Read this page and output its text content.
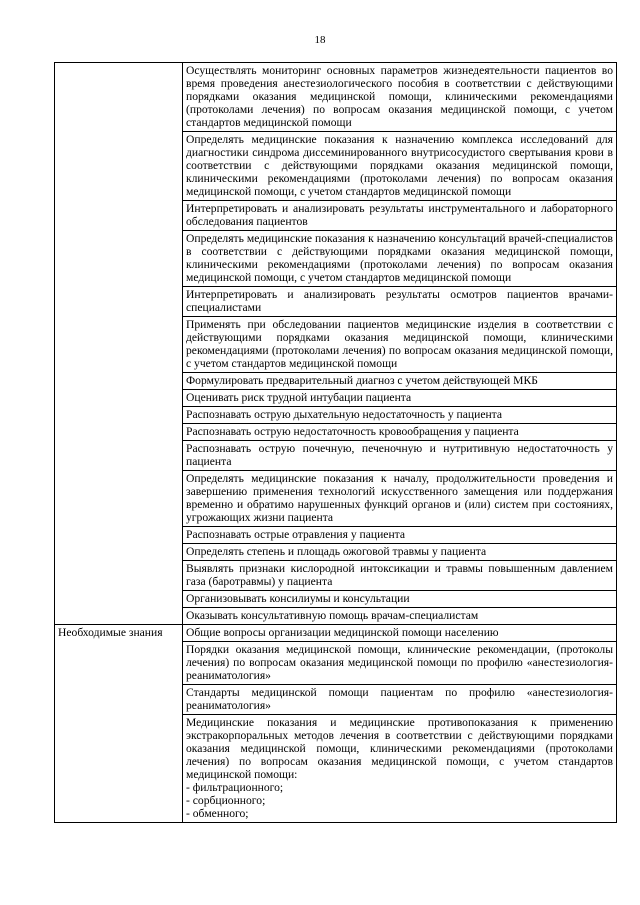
18
	Осуществлять мониторинг основных параметров жизнедеятельности пациентов во время проведения анестезиологического пособия в соответствии с действующими порядками оказания медицинской помощи, клиническими рекомендациями (протоколами лечения) по вопросам оказания медицинской помощи, с учетом стандартов медицинской помощи
	Определять медицинские показания к назначению комплекса исследований для диагностики синдрома диссеминированного внутрисосудистого свертывания крови в соответствии с действующими порядками оказания медицинской помощи, клиническими рекомендациями (протоколами лечения) по вопросам оказания медицинской помощи, с учетом стандартов медицинской помощи
	Интерпретировать и анализировать результаты инструментального и лабораторного обследования пациентов
	Определять медицинские показания к назначению консультаций врачей-специалистов в соответствии с действующими порядками оказания медицинской помощи, клиническими рекомендациями (протоколами лечения) по вопросам оказания медицинской помощи, с учетом стандартов медицинской помощи
	Интерпретировать и анализировать результаты осмотров пациентов врачами-специалистами
	Применять при обследовании пациентов медицинские изделия в соответствии с действующими порядками оказания медицинской помощи, клиническими рекомендациями (протоколами лечения) по вопросам оказания медицинской помощи, с учетом стандартов медицинской помощи
	Формулировать предварительный диагноз с учетом действующей МКБ
	Оценивать риск трудной интубации пациента
	Распознавать острую дыхательную недостаточность у пациента
	Распознавать острую недостаточность кровообращения у пациента
	Распознавать острую почечную, печеночную и нутритивную недостаточность у пациента
	Определять медицинские показания к началу, продолжительности проведения и завершению применения технологий искусственного замещения или поддержания временно и обратимо нарушенных функций органов и (или) систем при состояниях, угрожающих жизни пациента
	Распознавать острые отравления у пациента
	Определять степень и площадь ожоговой травмы у пациента
	Выявлять признаки кислородной интоксикации и травмы повышенным давлением газа (баротравмы) у пациента
	Организовывать консилиумы и консультации
	Оказывать консультативную помощь врачам-специалистам
Необходимые знания	Общие вопросы организации медицинской помощи населению
	Порядки оказания медицинской помощи, клинические рекомендации, (протоколы лечения) по вопросам оказания медицинской помощи по профилю «анестезиология-реаниматология»
	Стандарты медицинской помощи пациентам по профилю «анестезиология-реаниматология»

	Медицинские показания и медицинские противопоказания к применению экстракорпоральных методов лечения в соответствии с действующими порядками оказания медицинской помощи, клиническими рекомендациями (протоколами лечения) по вопросам оказания медицинской помощи, с учетом стандартов медицинской помощи:
- фильтрационного;
- сорбционного;
- обменного;
